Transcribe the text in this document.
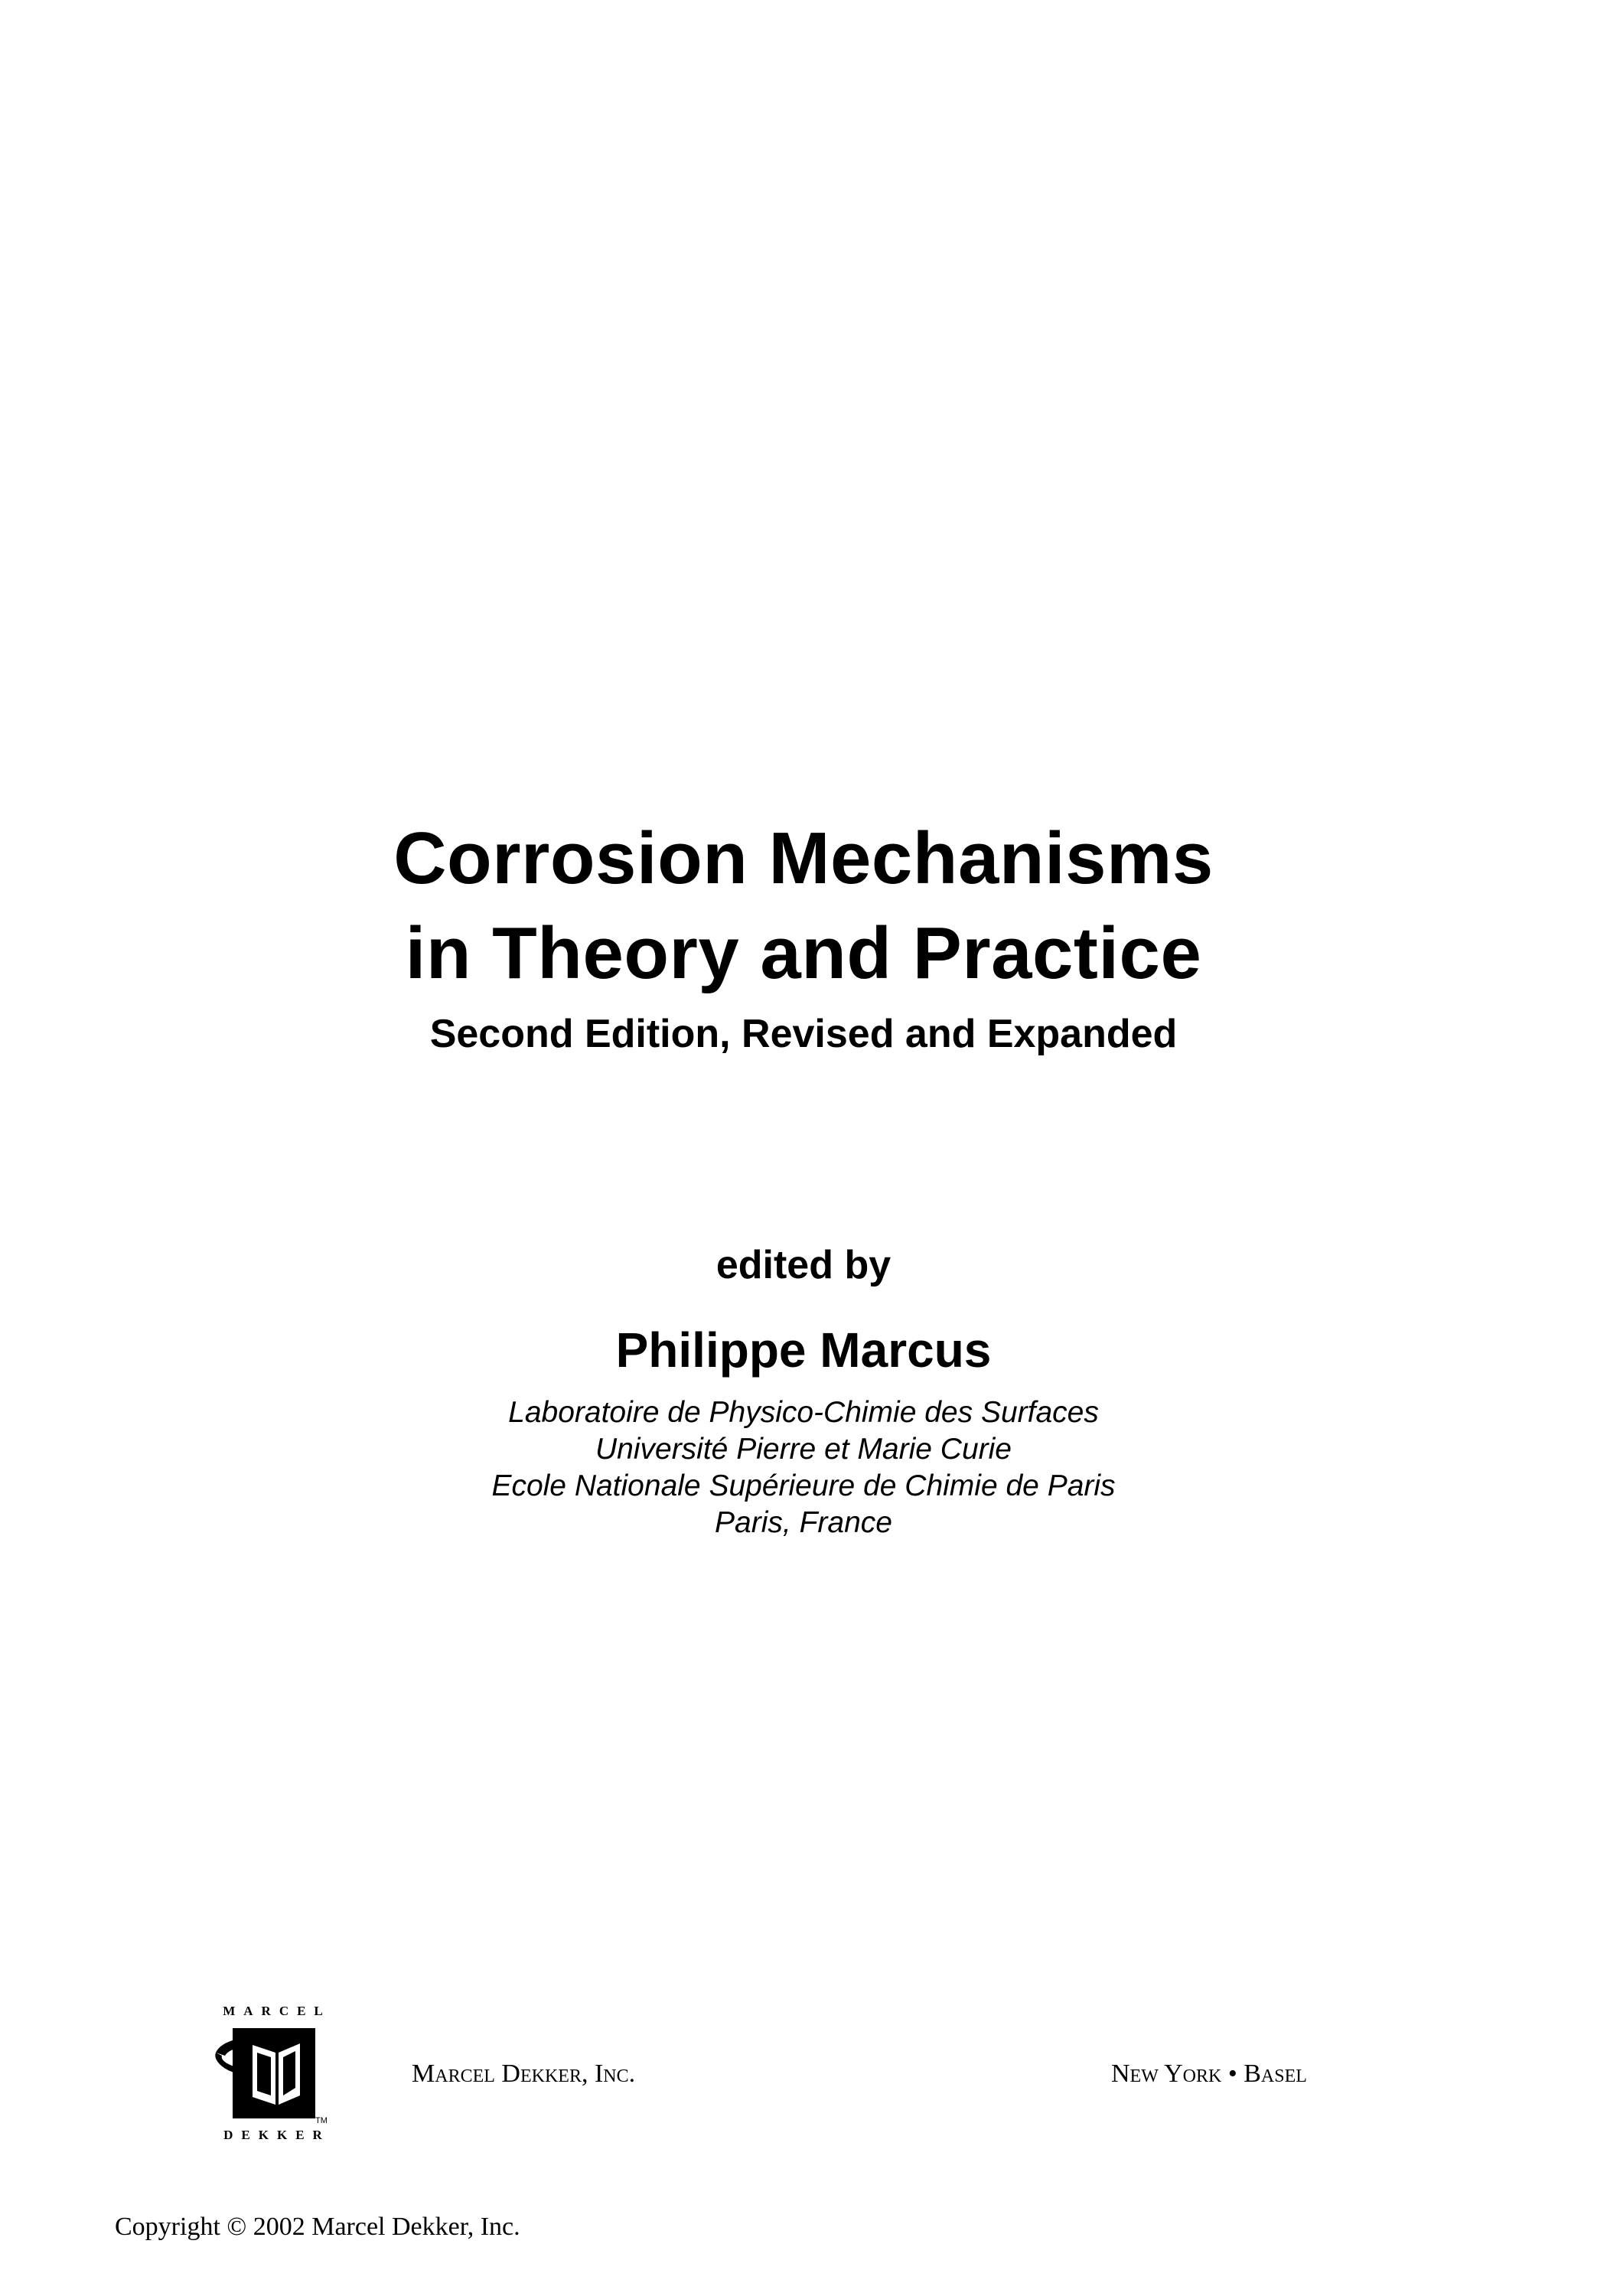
Corrosion Mechanisms
in Theory and Practice
Second Edition, Revised and Expanded
edited by
Philippe Marcus
Laboratoire de Physico-Chimie des Surfaces
Université Pierre et Marie Curie
Ecole Nationale Supérieure de Chimie de Paris
Paris, France
MARCEL
TM
DEKKER
Marcel Dekker, Inc.	New York • Basel
Copyright © 2002 Marcel Dekker, Inc.
